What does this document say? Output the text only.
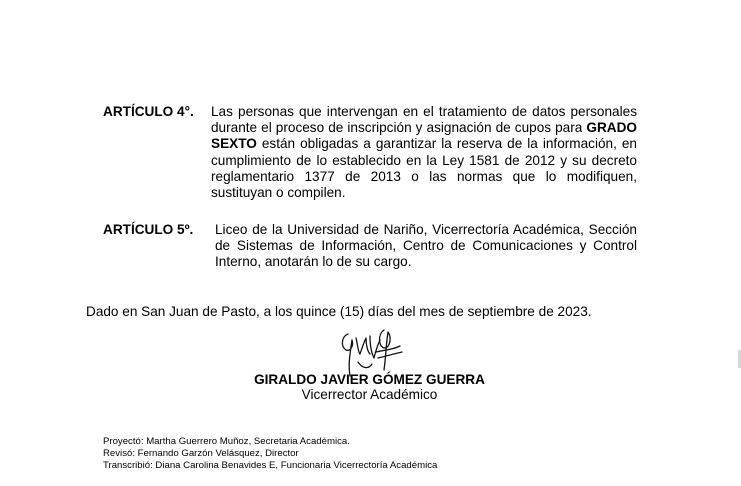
ARTÍCULO 4°. Las personas que intervengan en el tratamiento de datos personales durante el proceso de inscripción y asignación de cupos para GRADO SEXTO están obligadas a garantizar la reserva de la información, en cumplimiento de lo establecido en la Ley 1581 de 2012 y su decreto reglamentario 1377 de 2013 o las normas que lo modifiquen, sustituyan o compilen.
ARTÍCULO 5º. Liceo de la Universidad de Nariño, Vicerrectoría Académica, Sección de Sistemas de Información, Centro de Comunicaciones y Control Interno, anotarán lo de su cargo.
Dado en San Juan de Pasto, a los quince (15) días del mes de septiembre de 2023.
GIRALDO JAVIER GÓMEZ GUERRA
Vicerrector Académico
Proyectó: Martha Guerrero Muñoz, Secretaria Académica.
Revisó: Fernando Garzón Velásquez, Director
Transcribió: Diana Carolina Benavides E, Funcionaria Vicerrectoría Académica
